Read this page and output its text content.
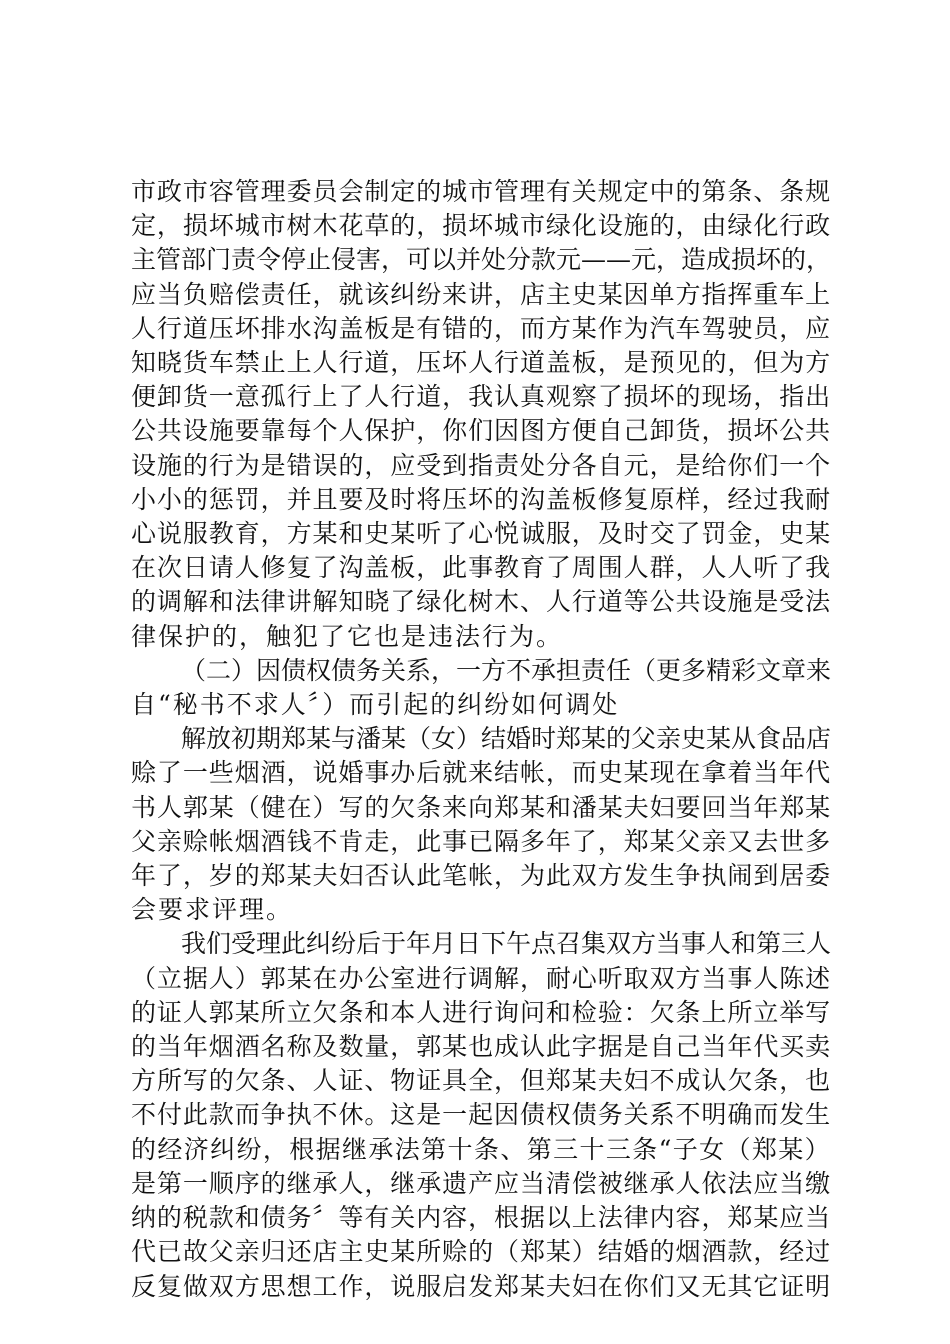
市政市容管理委员会制定的城市管理有关规定中的第条、条规
定，损坏城市树木花草的，损坏城市绿化设施的，由绿化行政
主管部门责令停止侵害，可以并处分款元——元，造成损坏的，
应当负赔偿责任，就该纠纷来讲，店主史某因单方指挥重车上
人行道压坏排水沟盖板是有错的，而方某作为汽车驾驶员，应
知晓货车禁止上人行道，压坏人行道盖板，是预见的，但为方
便卸货一意孤行上了人行道，我认真观察了损坏的现场，指出
公共设施要靠每个人保护，你们因图方便自己卸货，损坏公共
设施的行为是错误的，应受到指责处分各自元，是给你们一个
小小的惩罚，并且要及时将压坏的沟盖板修复原样，经过我耐
心说服教育，方某和史某听了心悦诚服，及时交了罚金，史某
在次日请人修复了沟盖板，此事教育了周围人群，人人听了我
的调解和法律讲解知晓了绿化树木、人行道等公共设施是受法
律保护的，触犯了它也是违法行为。
（二）因债权债务关系，一方不承担责任（更多精彩文章来
自“秘书不求人〞）而引起的纠纷如何调处
解放初期郑某与潘某（女）结婚时郑某的父亲史某从食品店
赊了一些烟酒，说婚事办后就来结帐，而史某现在拿着当年代
书人郭某（健在）写的欠条来向郑某和潘某夫妇要回当年郑某
父亲赊帐烟酒钱不肯走，此事已隔多年了，郑某父亲又去世多
年了，岁的郑某夫妇否认此笔帐，为此双方发生争执闹到居委
会要求评理。
我们受理此纠纷后于年月日下午点召集双方当事人和第三人
（立据人）郭某在办公室进行调解，耐心听取双方当事人陈述
的证人郭某所立欠条和本人进行询问和检验：欠条上所立举写
的当年烟酒名称及数量，郭某也成认此字据是自己当年代买卖
方所写的欠条、人证、物证具全，但郑某夫妇不成认欠条，也
不付此款而争执不休。这是一起因债权债务关系不明确而发生
的经济纠纷，根据继承法第十条、第三十三条“子女（郑某）
是第一顺序的继承人，继承遗产应当清偿被继承人依法应当缴
纳的税款和债务〞等有关内容，根据以上法律内容，郑某应当
代已故父亲归还店主史某所赊的（郑某）结婚的烟酒款，经过
反复做双方思想工作，说服启发郑某夫妇在你们又无其它证明
